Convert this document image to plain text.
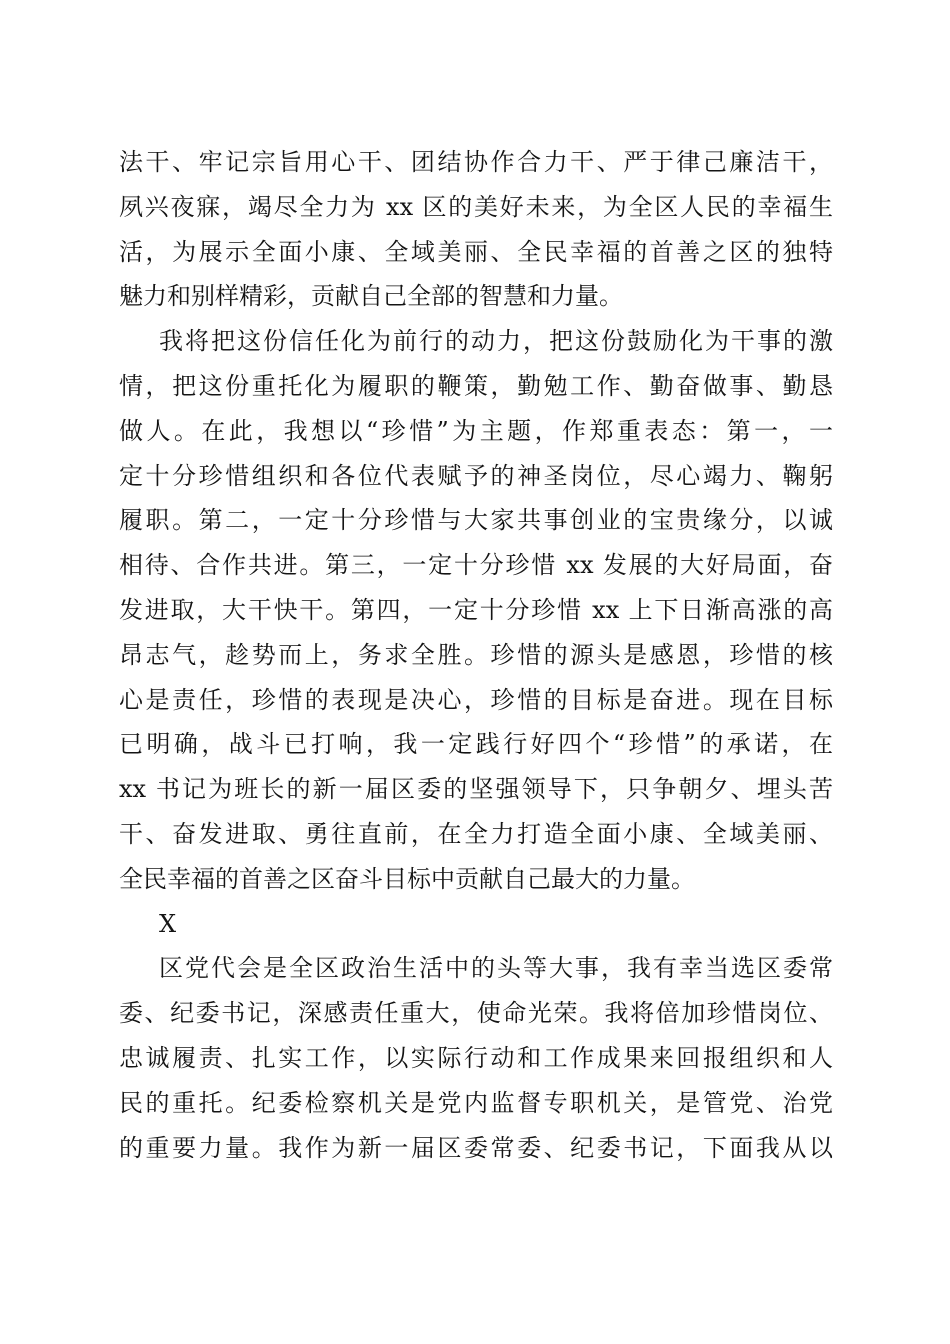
法干、牢记宗旨用心干、团结协作合力干、严于律己廉洁干，
夙兴夜寐，竭尽全力为 xx 区的美好未来，为全区人民的幸福生
活，为展示全面小康、全域美丽、全民幸福的首善之区的独特
魅力和别样精彩，贡献自己全部的智慧和力量。
我将把这份信任化为前行的动力，把这份鼓励化为干事的激
情，把这份重托化为履职的鞭策，勤勉工作、勤奋做事、勤恳
做人。在此，我想以“珍惜”为主题，作郑重表态：第一，一
定十分珍惜组织和各位代表赋予的神圣岗位，尽心竭力、鞠躬
履职。第二，一定十分珍惜与大家共事创业的宝贵缘分，以诚
相待、合作共进。第三，一定十分珍惜 xx 发展的大好局面，奋
发进取，大干快干。第四，一定十分珍惜 xx 上下日渐高涨的高
昂志气，趁势而上，务求全胜。珍惜的源头是感恩，珍惜的核
心是责任，珍惜的表现是决心，珍惜的目标是奋进。现在目标
已明确，战斗已打响，我一定践行好四个“珍惜”的承诺，在
xx 书记为班长的新一届区委的坚强领导下，只争朝夕、埋头苦
干、奋发进取、勇往直前，在全力打造全面小康、全域美丽、
全民幸福的首善之区奋斗目标中贡献自己最大的力量。
X
区党代会是全区政治生活中的头等大事，我有幸当选区委常
委、纪委书记，深感责任重大，使命光荣。我将倍加珍惜岗位、
忠诚履责、扎实工作，以实际行动和工作成果来回报组织和人
民的重托。纪委检察机关是党内监督专职机关，是管党、治党
的重要力量。我作为新一届区委常委、纪委书记，下面我从以
